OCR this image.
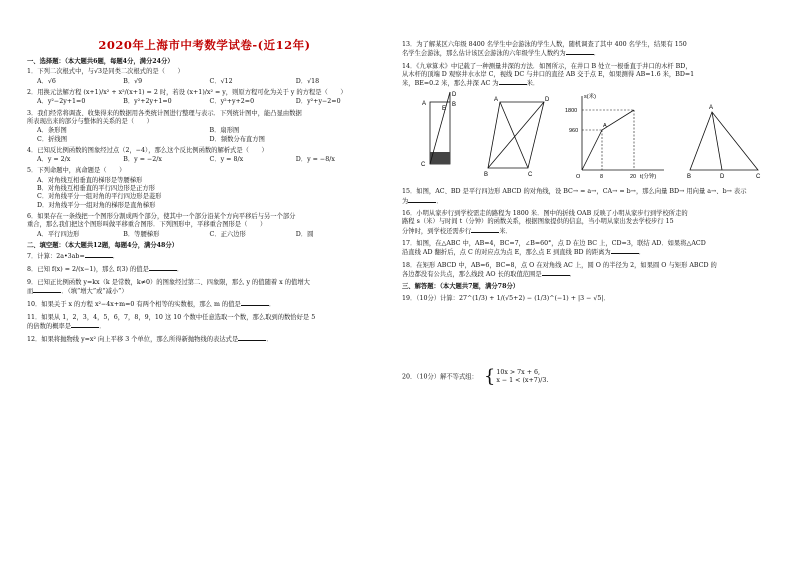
2020年上海市中考数学试卷-(近12年)
一、选择题：（本大题共6题，每题4分，满分24分）
1．下列二次根式中，与√3是同类二次根式的是（　　）
A．√6	B．√9	C．√12	D．√18
2．用换元法解方程 (x+1)/x² + x²/(x+1) = 2 时，若设 (x+1)/x² = y，则原方程可化为关于 y 的方程是（　　）
A．y²−2y+1=0	B．y²+2y+1=0	C．y²+y+2=0	D．y²+y−2=0
3．我们经常将调查、收集得来的数据用各类统计图进行整理与表示．下列统计图中，能凸显由数据
所表现出来的部分与整体的关系的是（　　）
A．条形图	B．扇形图
C．折线图	D．频数分布直方图
4．已知反比例函数的图象经过点（2，−4），那么这个反比例函数的解析式是（　　）
A．y = 2/x	B．y = −2/x	C．y = 8/x	D．y = −8/x
5．下列命题中，真命题是（　　）
A．对角线互相垂直的梯形是等腰梯形
B．对角线互相垂直的平行四边形是正方形
C．对角线平分一组对角的平行四边形是菱形
D．对角线平分一组对角的梯形是直角梯形
6．如果存在一条线把一个图形分割成两个部分，使其中一个部分沿某个方向平移后与另一个部分
重合，那么我们把这个图形叫做平移重合图形．下列图形中，平移重合图形是（　　）
A．平行四边形	B．等腰梯形	C．正六边形	D．圆
二、填空题：（本大题共12题，每题4分，满分48分）
7．计算：2a•3ab=	．
8．已知 f(x) = 2/(x−1)，那么 f(3) 的值是	．
9．已知正比例函数 y=kx（k 是常数，k≠0）的图象经过第二、四象限，那么 y 的值随着 x 的值增大
而	．（填“增大”或“减小”）
10．如果关于 x 的方程 x²−4x+m=0 有两个相等的实数根，那么 m 的值是	．
11．如果从 1，2，3，4，5，6，7，8，9，10 这 10 个数中任意选取一个数，那么取到的数恰好是 5
的倍数的概率是	．
12．如果将抛物线 y=x² 向上平移 3 个单位，那么所得新抛物线的表达式是	．
13．为了解某区六年级 8400 名学生中会游泳的学生人数，随机调查了其中 400 名学生，结果有 150
名学生会游泳，那么估计该区会游泳的六年级学生人数约为	．
14．《九章算术》中记载了一种测量井深的方法．如图所示，在井口 B 处立一根垂直于井口的木杆 BD，
从木杆的顶端 D 观察井水水岸 C，视线 DC 与井口的直径 AB 交于点 E，如果测得 AB=1.6 米，BD=1
米，BE=0.2 米，那么井深 AC 为	米．
A	B
C
D
E
A
B	C
D	s(米)
t(分钟)
1800
960
8	20
O
A
A
B	C
D
15．如图，AC、BD 是平行四边形 ABCD 的对角线，设 BC→ = a→，CA→ = b→，那么向量 BD→ 用向量 a→、b→ 表示
为	．
16．小明从家步行到学校需走的路程为 1800 米．图中的折线 OAB 反映了小明从家步行到学校所走的
路程 s（米）与时间 t（分钟）的函数关系，根据图象提供的信息，当小明从家出发去学校步行 15
分钟时，到学校还需步行	米．
17．如图，在△ABC 中，AB=4，BC=7，∠B=60°，点 D 在边 BC 上，CD=3，联结 AD．如果将△ACD
沿直线 AD 翻折后，点 C 的对应点为点 E，那么点 E 到直线 BD 的距离为	．
18．在矩形 ABCD 中，AB=6，BC=8，点 O 在对角线 AC 上，圆 O 的半径为 2，如果圆 O 与矩形 ABCD 的
各边都没有公共点，那么线段 AO 长的取值范围是	．
三、解答题：（本大题共7题，满分78分）
19．（10分）计算：27^(1/3) + 1/(√5+2) − (1/3)^(−1) + |3 − √5|．
20．（10分）解不等式组： { 10x > 7x + 6,
x − 1 < (x+7)/3.
